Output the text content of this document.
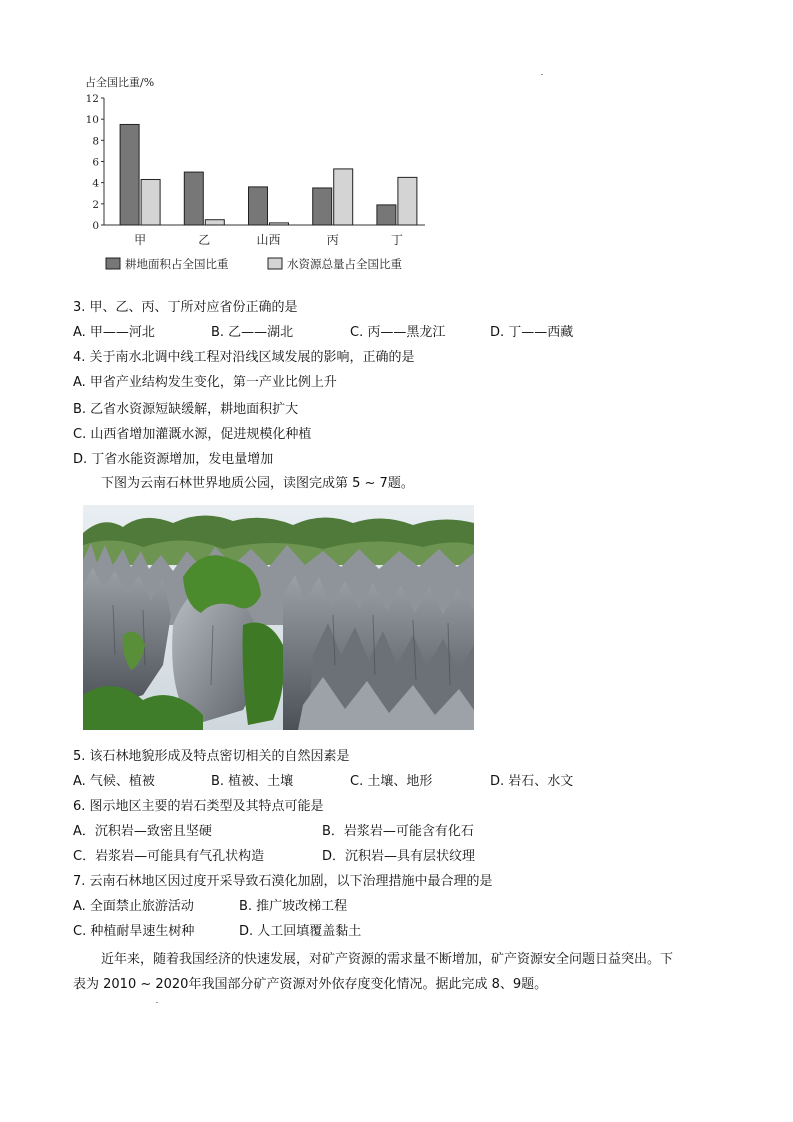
占全国比重/%
12
10
8
6
4
2
0
甲	乙	山西	丙	丁
耕地面积占全国比重	水资源总量占全国比重
3. 甲、乙、丙、丁所对应省份正确的是
A. 甲——河北	B. 乙——湖北	C. 丙——黑龙江	D. 丁——西藏
4. 关于南水北调中线工程对沿线区域发展的影响，正确的是
A. 甲省产业结构发生变化，第一产业比例上升
B. 乙省水资源短缺缓解，耕地面积扩大
C. 山西省增加灌溉水源，促进规模化种植
D. 丁省水能资源增加，发电量增加
下图为云南石林世界地质公园，读图完成第 5 ~ 7题。
5. 该石林地貌形成及特点密切相关的自然因素是
A. 气候、植被	B. 植被、土壤	C. 土壤、地形	D. 岩石、水文
6. 图示地区主要的岩石类型及其特点可能是
A．沉积岩—致密且坚硬	B．岩浆岩—可能含有化石
C．岩浆岩—可能具有气孔状构造	D．沉积岩—具有层状纹理
7. 云南石林地区因过度开采导致石漠化加剧，以下治理措施中最合理的是
A. 全面禁止旅游活动	B. 推广坡改梯工程
C. 种植耐旱速生树种	D. 人工回填覆盖黏土
近年来，随着我国经济的快速发展，对矿产资源的需求量不断增加，矿产资源安全问题日益突出。下
表为 2010 ~ 2020年我国部分矿产资源对外依存度变化情况。据此完成 8、9题。
